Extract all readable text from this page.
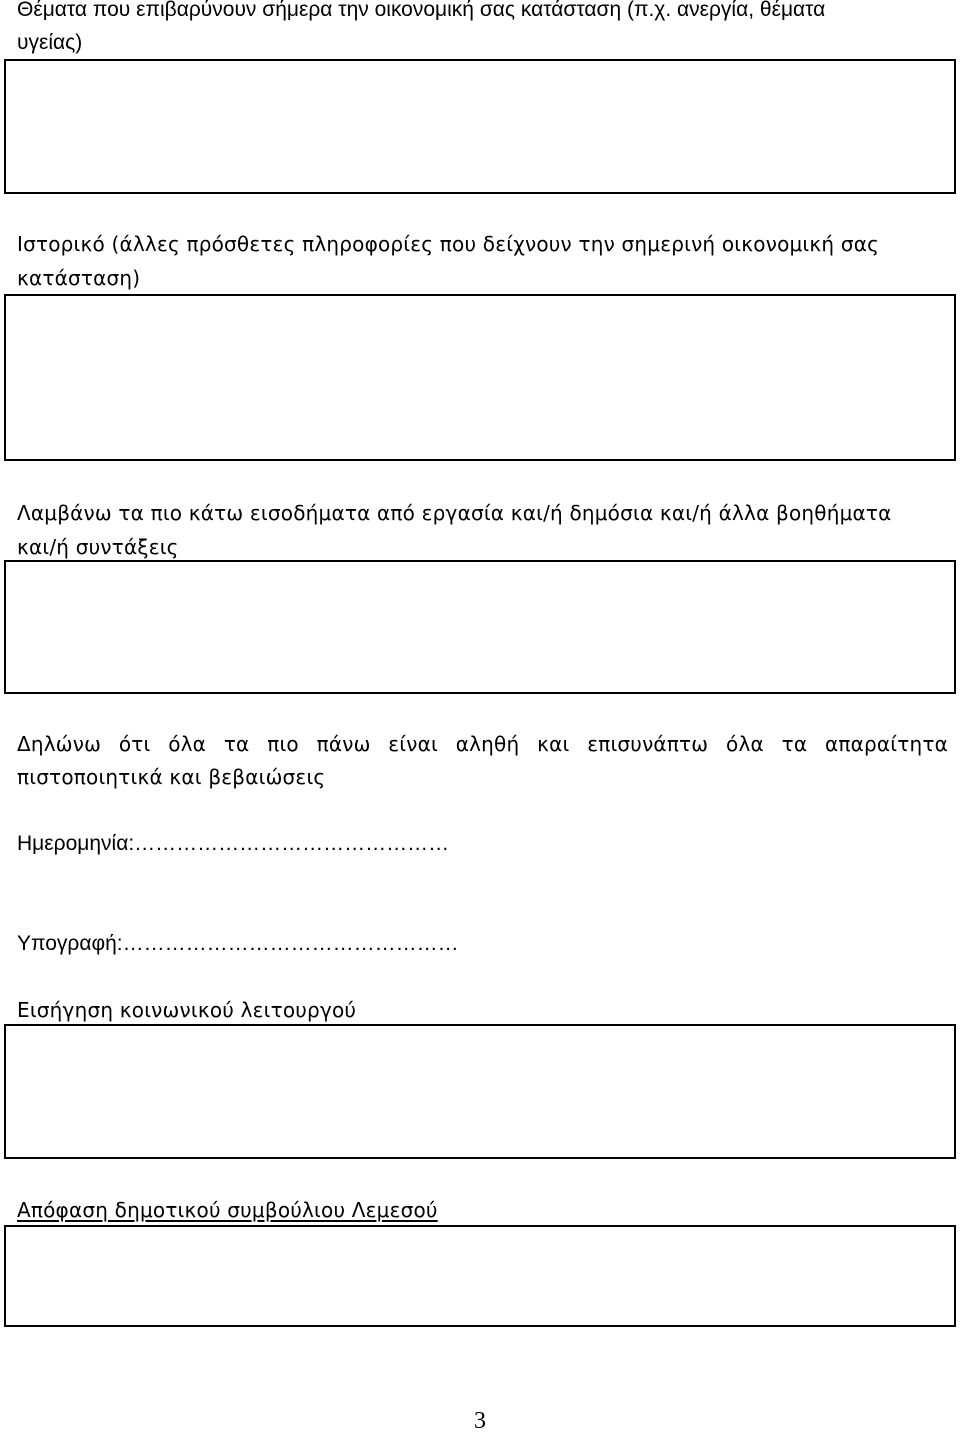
Θέματα που επιβαρύνουν σήμερα την οικονομική σας κατάσταση (π.χ. ανεργία, θέματα
υγείας)
Ιστορικό (άλλες πρόσθετες πληροφορίες που δείχνουν την σημερινή οικονομική σας
κατάσταση)
Λαμβάνω τα πιο κάτω εισοδήματα από εργασία και/ή δημόσια και/ή άλλα βοηθήματα
και/ή συντάξεις
Δηλώνω ότι όλα τα πιο πάνω είναι αληθή και επισυνάπτω όλα τα απαραίτητα
πιστοποιητικά και βεβαιώσεις
Ημερομηνία:………………………………………
Υπογραφή:…………………………………………
Εισήγηση κοινωνικού λειτουργού
Απόφαση δημοτικού συμβούλιου Λεμεσού
3
